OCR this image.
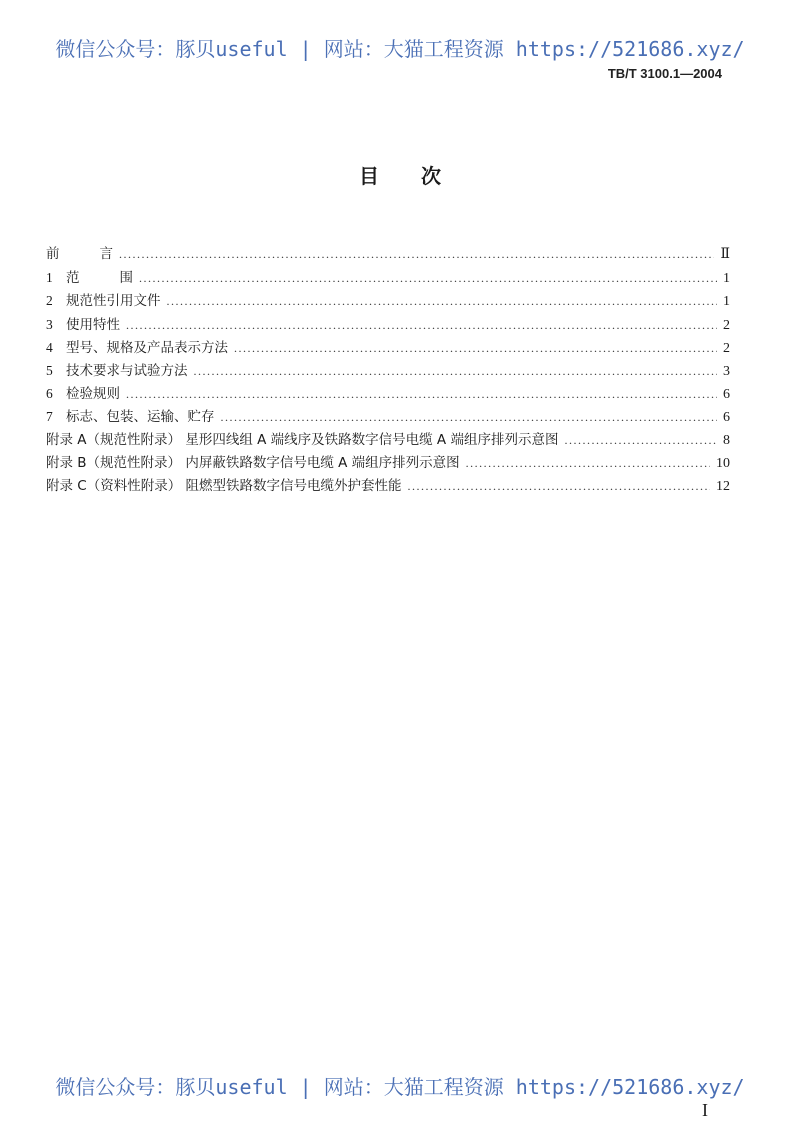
微信公众号：豚贝useful | 网站：大猫工程资源 https://521686.xyz/
TB/T 3100.1—2004
目次
前言 .....	Ⅱ
1 范围 .....	1
2 规范性引用文件 .....	1
3 使用特性 .....	2
4 型号、规格及产品表示方法 .....	2
5 技术要求与试验方法 .....	3
6 检验规则 .....	6
7 标志、包装、运输、贮存 .....	6
附录 A（规范性附录） 星形四线组 A 端线序及铁路数字信号电缆 A 端组序排列示意图 .....	8
附录 B（规范性附录） 内屏蔽铁路数字信号电缆 A 端组序排列示意图 .....	10
附录 C（资料性附录） 阻燃型铁路数字信号电缆外护套性能 .....	12
微信公众号：豚贝useful | 网站：大猫工程资源 https://521686.xyz/
I
